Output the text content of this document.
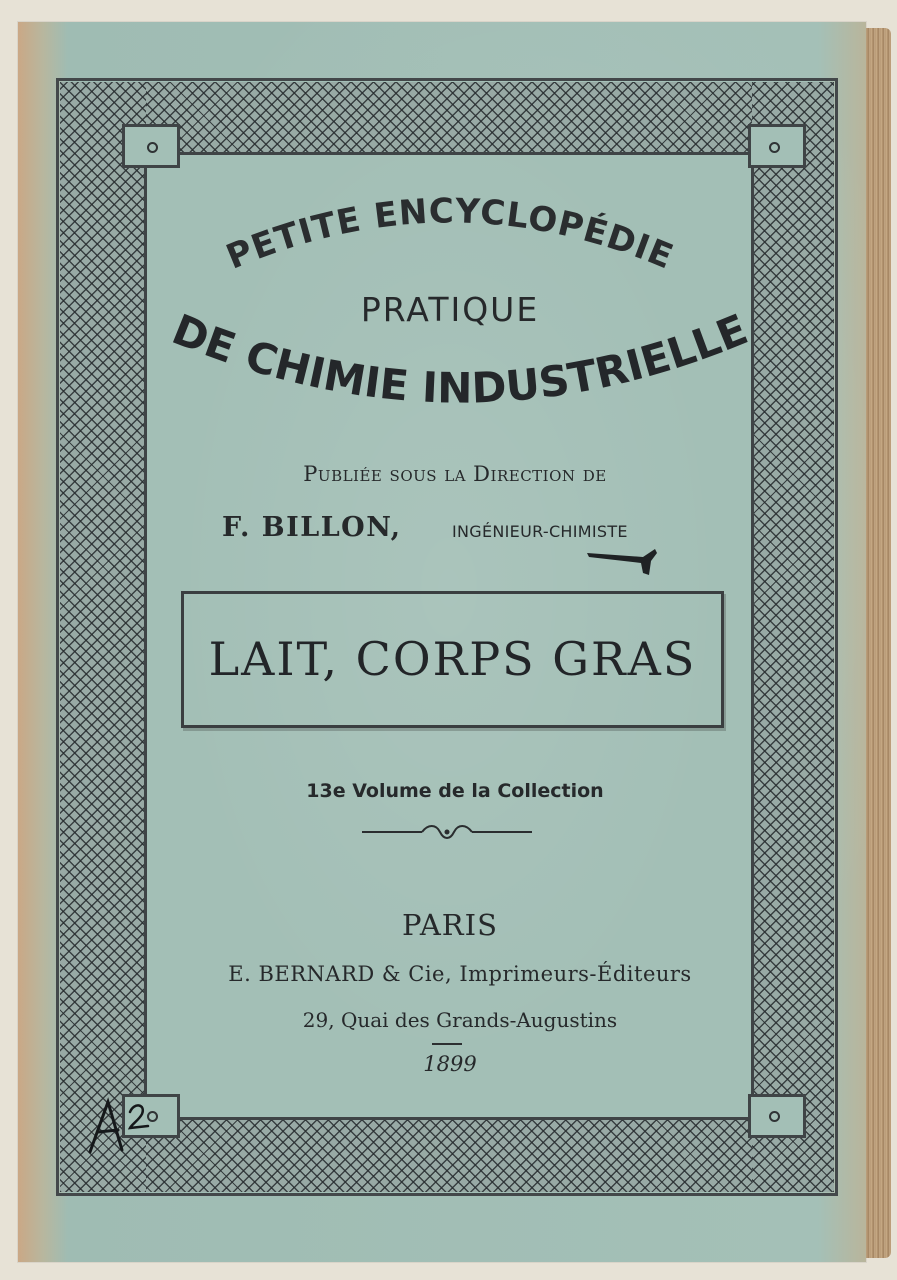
PETITE ENCYCLOPÉDIE
PRATIQUE
DE CHIMIE INDUSTRIELLE
Publiée sous la Direction de
F. BILLON,	INGÉNIEUR-CHIMISTE
LAIT, CORPS GRAS
13e Volume de la Collection
PARIS
E. BERNARD & Cie, Imprimeurs-Éditeurs
29, Quai des Grands-Augustins
1899
